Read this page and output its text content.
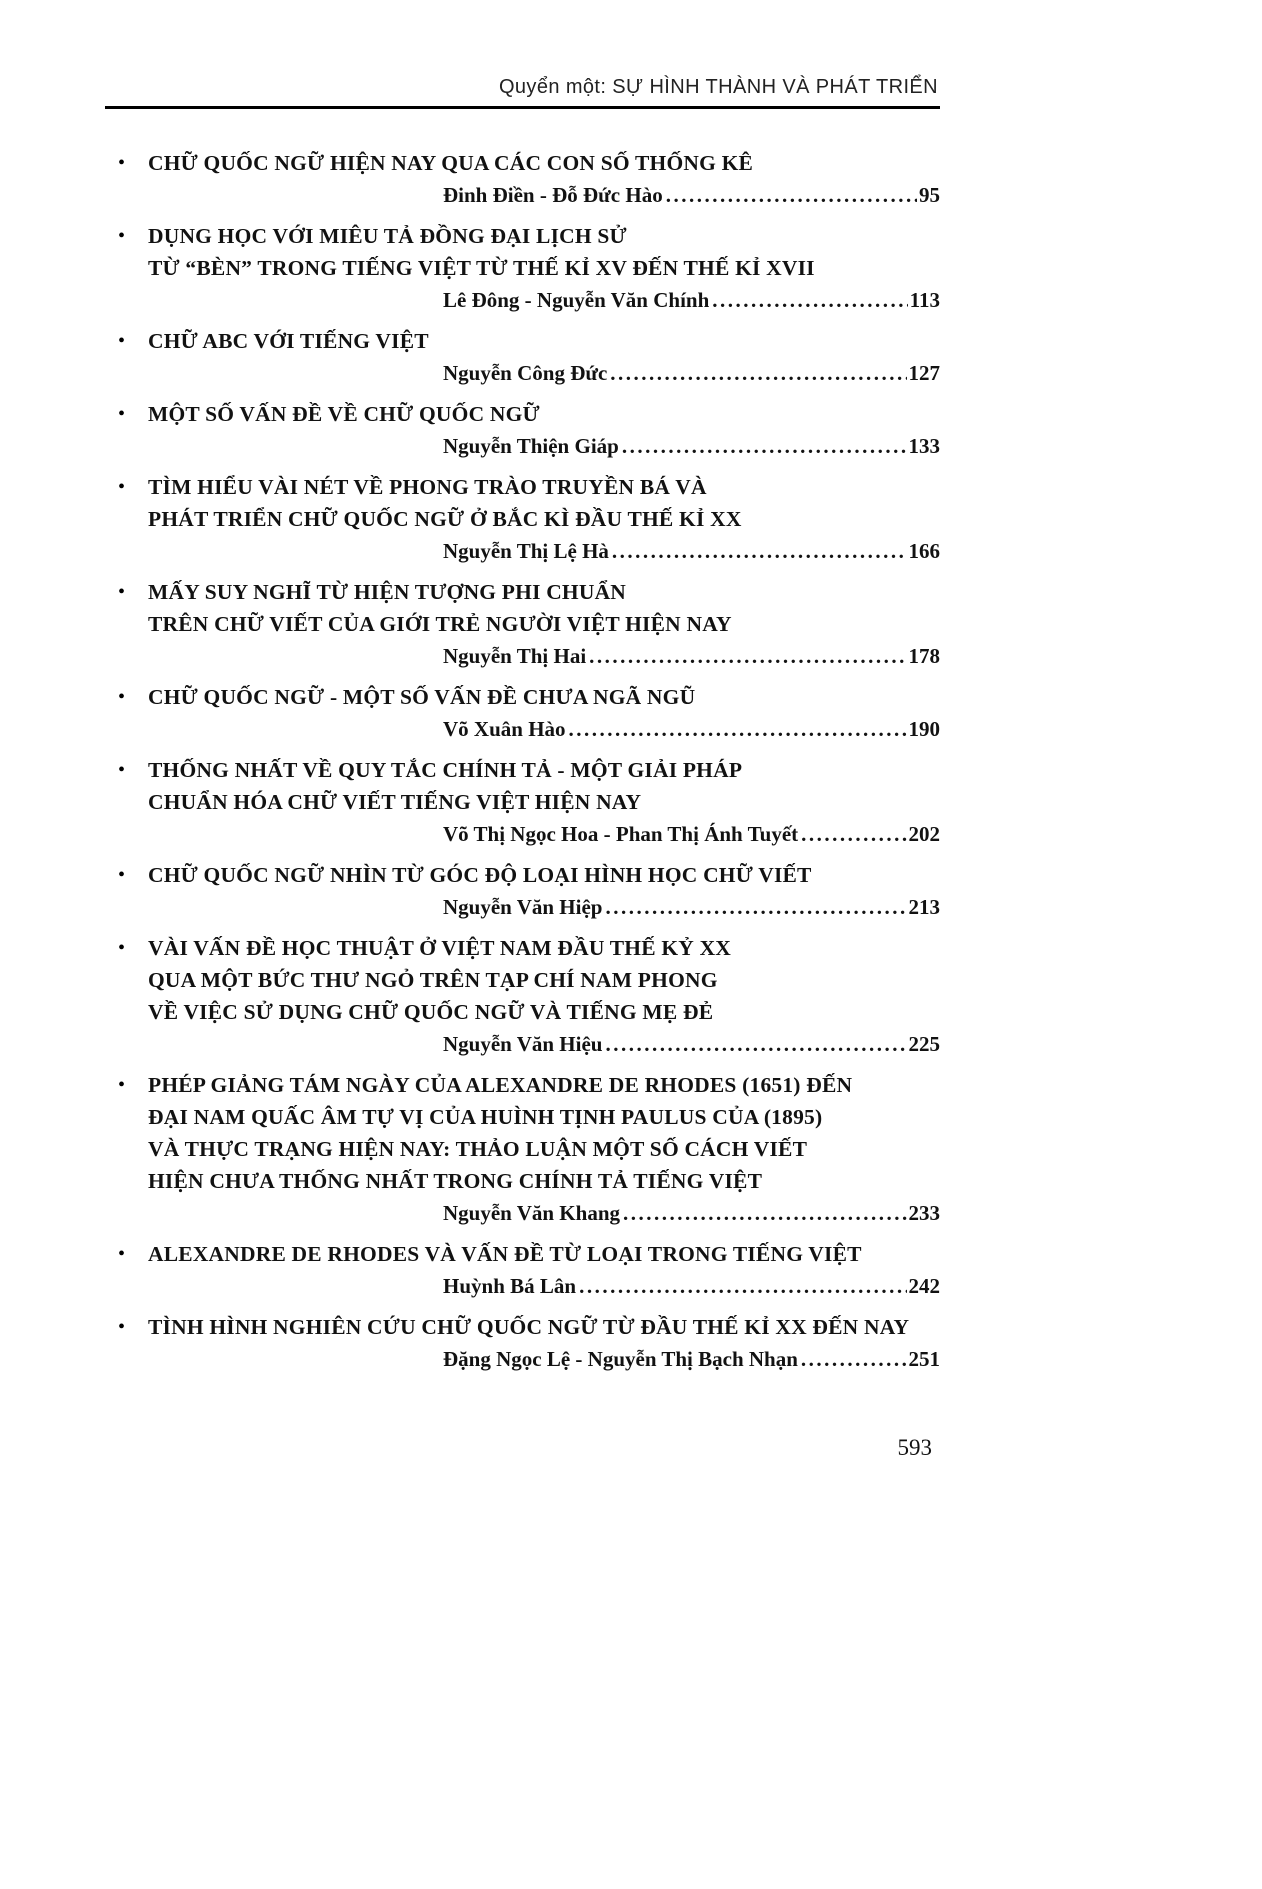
Quyển một: SỰ HÌNH THÀNH VÀ PHÁT TRIỂN
•	CHỮ QUỐC NGỮ HIỆN NAY QUA CÁC CON SỐ THỐNG KÊ
Đinh Điền - Đỗ Đức Hào .....	95
•	DỤNG HỌC VỚI MIÊU TẢ ĐỒNG ĐẠI LỊCH SỬ
TỪ “BÈN” TRONG TIẾNG VIỆT TỪ THẾ KỈ XV ĐẾN THẾ KỈ XVII
Lê Đông - Nguyễn Văn Chính .....	113
•	CHỮ ABC VỚI TIẾNG VIỆT
Nguyễn Công Đức .....	127
•	MỘT SỐ VẤN ĐỀ VỀ CHỮ QUỐC NGỮ
Nguyễn Thiện Giáp .....	133
•	TÌM HIỂU VÀI NÉT VỀ PHONG TRÀO TRUYỀN BÁ VÀ
PHÁT TRIỂN CHỮ QUỐC NGỮ Ở BẮC KÌ ĐẦU THẾ KỈ XX
Nguyễn Thị Lệ Hà .....	166
•	MẤY SUY NGHĨ TỪ HIỆN TƯỢNG PHI CHUẨN
TRÊN CHỮ VIẾT CỦA GIỚI TRẺ NGƯỜI VIỆT HIỆN NAY
Nguyễn Thị Hai .....	178
•	CHỮ QUỐC NGỮ - MỘT SỐ VẤN ĐỀ CHƯA NGÃ NGŨ
Võ Xuân Hào .....	190
•	THỐNG NHẤT VỀ QUY TẮC CHÍNH TẢ - MỘT GIẢI PHÁP
CHUẨN HÓA CHỮ VIẾT TIẾNG VIỆT HIỆN NAY
Võ Thị Ngọc Hoa - Phan Thị Ánh Tuyết .....	202
•	CHỮ QUỐC NGỮ NHÌN TỪ GÓC ĐỘ LOẠI HÌNH HỌC CHỮ VIẾT
Nguyễn Văn Hiệp .....	213
•	VÀI VẤN ĐỀ HỌC THUẬT Ở VIỆT NAM ĐẦU THẾ KỶ XX
QUA MỘT BỨC THƯ NGỎ TRÊN TẠP CHÍ NAM PHONG
VỀ VIỆC SỬ DỤNG CHỮ QUỐC NGỮ VÀ TIẾNG MẸ ĐẺ
Nguyễn Văn Hiệu .....	225
•	PHÉP GIẢNG TÁM NGÀY CỦA ALEXANDRE DE RHODES (1651) ĐẾN
ĐẠI NAM QUẤC ÂM TỰ VỊ CỦA HUÌNH TỊNH PAULUS CỦA (1895)
VÀ THỰC TRẠNG HIỆN NAY: THẢO LUẬN MỘT SỐ CÁCH VIẾT
HIỆN CHƯA THỐNG NHẤT TRONG CHÍNH TẢ TIẾNG VIỆT
Nguyễn Văn Khang .....	233
•	ALEXANDRE DE RHODES VÀ VẤN ĐỀ TỪ LOẠI TRONG TIẾNG VIỆT
Huỳnh Bá Lân .....	242
•	TÌNH HÌNH NGHIÊN CỨU CHỮ QUỐC NGỮ TỪ ĐẦU THẾ KỈ XX ĐẾN NAY
Đặng Ngọc Lệ - Nguyễn Thị Bạch Nhạn .....	251
593
